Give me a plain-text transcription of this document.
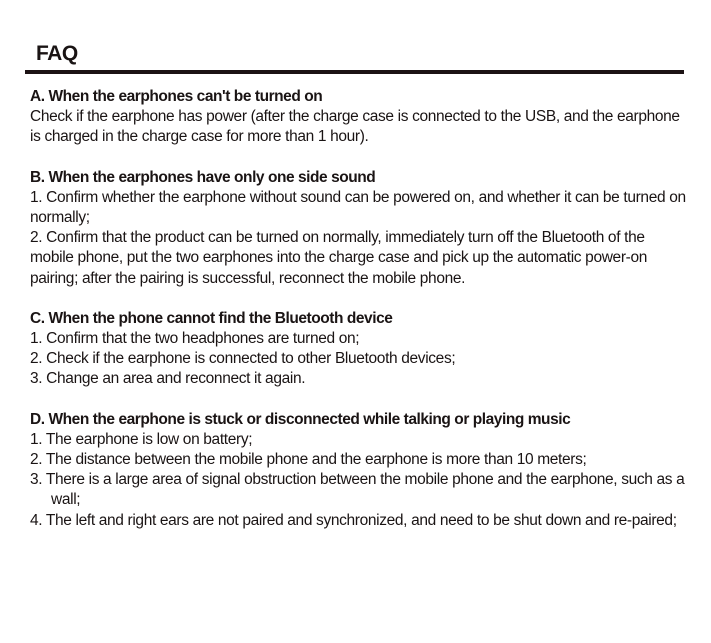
FAQ

A. When the earphones can't be turned on

Check if the earphone has power (after the charge case is connected to the USB, and the earphone is charged in the charge case for more than 1 hour).

B. When the earphones have only one side sound

1. Confirm whether the earphone without sound can be powered on, and whether it can be turned on normally;

2. Confirm that the product can be turned on normally, immediately turn off the Bluetooth of the mobile phone, put the two earphones into the charge case and pick up the automatic power-on pairing; after the pairing is successful, reconnect the mobile phone.

C. When the phone cannot find the Bluetooth device

1. Confirm that the two headphones are turned on;

2. Check if the earphone is connected to other Bluetooth devices;

3. Change an area and reconnect it again.

D. When the earphone is stuck or disconnected while talking or playing music

1. The earphone is low on battery;

2. The distance between the mobile phone and the earphone is more than 10 meters;

3. There is a large area of signal obstruction between the mobile phone and the earphone, such as a wall;

4. The left and right ears are not paired and synchronized, and need to be shut down and re-paired;
